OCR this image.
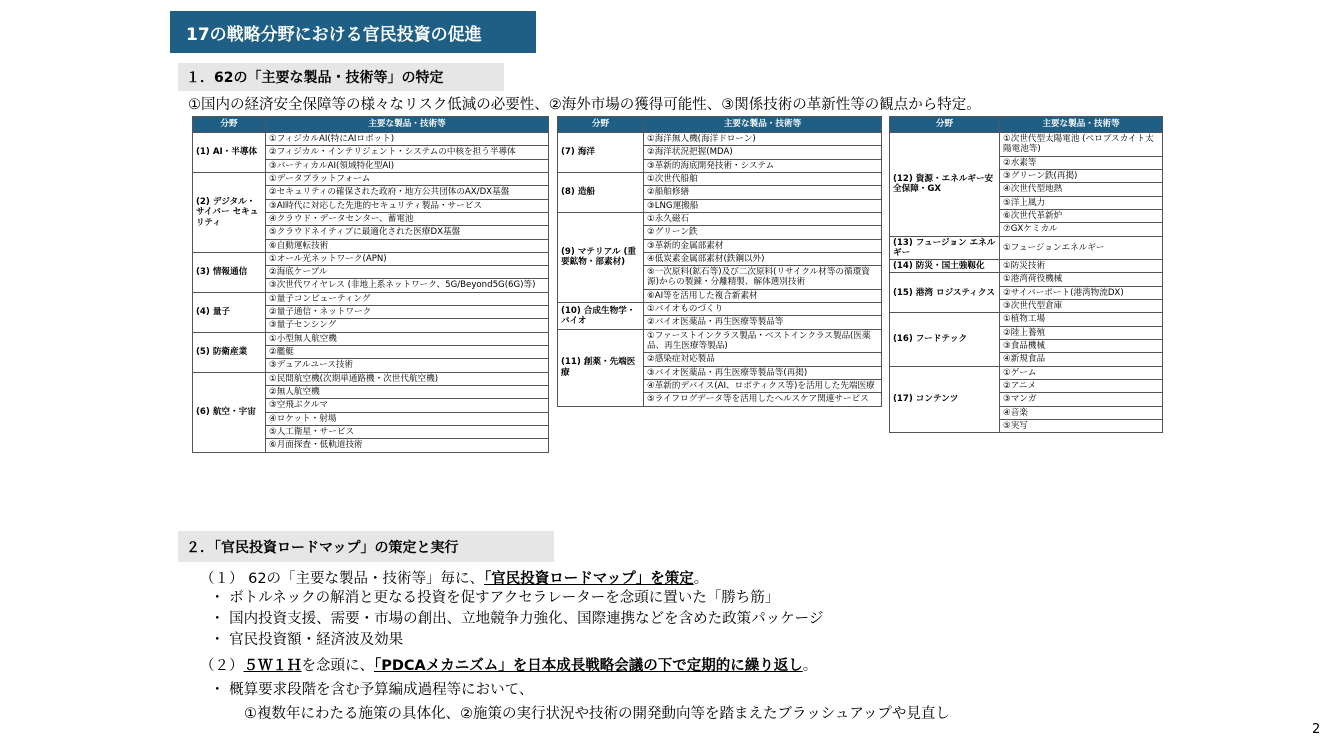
17の戦略分野における官民投資の促進
１．62の「主要な製品・技術等」の特定
①国内の経済安全保障等の様々なリスク低減の必要性、②海外市場の獲得可能性、③関係技術の革新性等の観点から特定。
分野	主要な製品・技術等
(1) AI・半導体	①フィジカルAI(特にAIロボット)
	②フィジカル・インテリジェント・システムの中核を担う半導体
	③バーティカルAI(領域特化型AI)
(2) デジタル・サイバー セキュリティ	①データプラットフォーム
	②セキュリティの確保された政府・地方公共団体のAX/DX基盤
	③AI時代に対応した先進的セキュリティ製品・サービス
	④クラウド・データセンター、蓄電池
	⑤クラウドネイティブに最適化された医療DX基盤
	⑥自動運転技術
(3) 情報通信	①オール光ネットワーク(APN)
	②海底ケーブル
	③次世代ワイヤレス (非地上系ネットワーク、5G/Beyond5G(6G)等)
(4) 量子	①量子コンピューティング
	②量子通信・ネットワーク
	③量子センシング
(5) 防衛産業	①小型無人航空機
	②艦艇
	③デュアルユース技術
(6) 航空・宇宙	①民間航空機(次期単通路機・次世代航空機)
	②無人航空機
	③空飛ぶクルマ
	④ロケット・射場
	⑤人工衛星・サービス
	⑥月面探査・低軌道技術
分野	主要な製品・技術等
(7) 海洋	①海洋無人機(海洋ドローン)
	②海洋状況把握(MDA)
	③革新的海底開発技術・システム
(8) 造船	①次世代船舶
	②船舶修繕
	③LNG運搬船
(9) マテリアル (重要鉱物・部素材)	①永久磁石
	②グリーン鉄
	③革新的金属部素材
	④低炭素金属部素材(鉄鋼以外)
	⑤一次原料(鉱石等)及び二次原料(リサイクル材等の循環資源)からの製錬・分離精製、解体選別技術
	⑥AI等を活用した複合新素材
(10) 合成生物学・バイオ	①バイオものづくり
	②バイオ医薬品・再生医療等製品等
(11) 創薬・先端医療	①ファーストインクラス製品・ベストインクラス製品(医薬品、再生医療等製品)
	②感染症対応製品
	③バイオ医薬品・再生医療等製品等(再掲)
	④革新的デバイス(AI、ロボティクス等)を活用した先端医療
	⑤ライフログデータ等を活用したヘルスケア関連サービス
分野	主要な製品・技術等
(12) 資源・エネルギー安全保障・GX	①次世代型太陽電池 (ペロブスカイト太陽電池等)
	②水素等
	③グリーン鉄(再掲)
	④次世代型地熱
	⑤洋上風力
	⑥次世代革新炉
	⑦GXケミカル
(13) フュージョン エネルギー	①フュージョンエネルギー
(14) 防災・国土強靱化	①防災技術
(15) 港湾 ロジスティクス	①港湾荷役機械
	②サイバーポート(港湾物流DX)
	③次世代型倉庫
(16) フードテック	①植物工場
	②陸上養殖
	③食品機械
	④新規食品
(17) コンテンツ	①ゲーム
	②アニメ
	③マンガ
	④音楽
	⑤実写
２．「官民投資ロードマップ」の策定と実行
（１） 62の「主要な製品・技術等」毎に、「官民投資ロードマップ」を策定。
・ ボトルネックの解消と更なる投資を促すアクセラレーターを念頭に置いた「勝ち筋」
・ 国内投資支援、需要・市場の創出、立地競争力強化、国際連携などを含めた政策パッケージ
・ 官民投資額・経済波及効果
（２）５Ｗ１Ｈを念頭に、「PDCAメカニズム」を日本成長戦略会議の下で定期的に繰り返し。
・ 概算要求段階を含む予算編成過程等において、
①複数年にわたる施策の具体化、②施策の実行状況や技術の開発動向等を踏まえたブラッシュアップや見直し
2
